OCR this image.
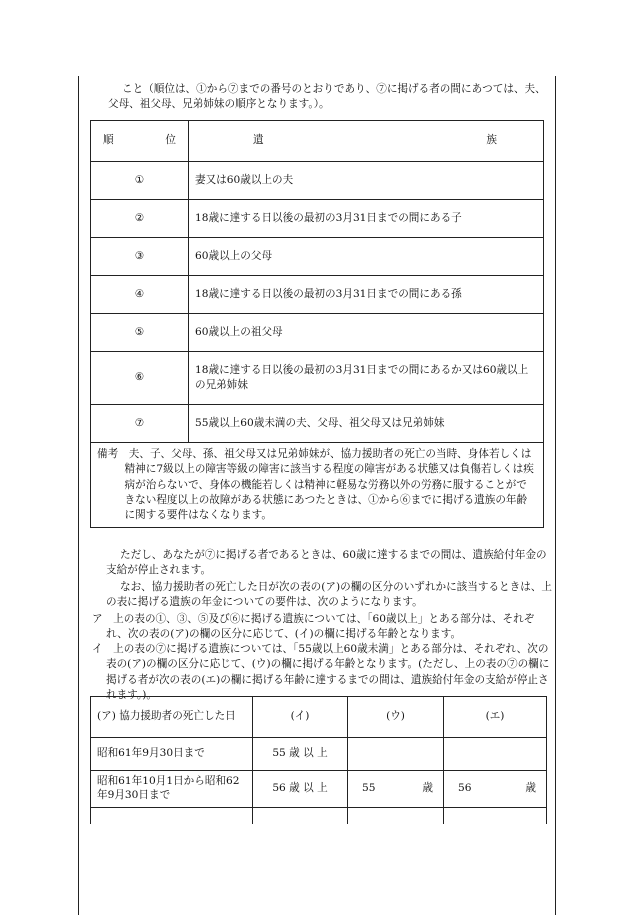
こと（順位は、①から⑦までの番号のとおりであり、⑦に掲げる者の間にあつては、夫、父母、祖父母、兄弟姉妹の順序となります。）。

順 位	遺 族

①	妻又は60歳以上の夫
②	18歳に達する日以後の最初の3月31日までの間にある子
③	60歳以上の父母
④	18歳に達する日以後の最初の3月31日までの間にある孫
⑤	60歳以上の祖父母
⑥	18歳に達する日以後の最初の3月31日までの間にあるか又は60歳以上の兄弟姉妹
⑦	55歳以上60歳未満の夫、父母、祖父母又は兄弟姉妹

備考　夫、子、父母、孫、祖父母又は兄弟姉妹が、協力援助者の死亡の当時、身体若しくは精神に7級以上の障害等級の障害に該当する程度の障害がある状態又は負傷若しくは疾病が治らないで、身体の機能若しくは精神に軽易な労務以外の労務に服することができない程度以上の故障がある状態にあつたときは、①から⑥までに掲げる遺族の年齢に関する要件はなくなります。	

ただし、あなたが⑦に掲げる者であるときは、60歳に達するまでの間は、遺族給付年金の支給が停止されます。

なお、協力援助者の死亡した日が次の表の(ア)の欄の区分のいずれかに該当するときは、上の表に掲げる遺族の年金についての要件は、次のようになります。

ア　上の表の①、③、⑤及び⑥に掲げる遺族については、「60歳以上」とある部分は、それぞれ、次の表の(ア)の欄の区分に応じて、(イ)の欄に掲げる年齢となります。

イ　上の表の⑦に掲げる遺族については、「55歳以上60歳未満」とある部分は、それぞれ、次の表の(ア)の欄の区分に応じて、(ウ)の欄に掲げる年齢となります。(ただし、上の表の⑦の欄に掲げる者が次の表の(エ)の欄に掲げる年齢に達するまでの間は、遺族給付年金の支給が停止されます。)。

(ア) 協力援助者の死亡した日	(イ)	(ウ)	(エ)
昭和61年9月30日まで	55 歳 以 上	

昭和61年10月1日から昭和62年9月30日まで	56 歳 以 上	55 歳	56 歳
